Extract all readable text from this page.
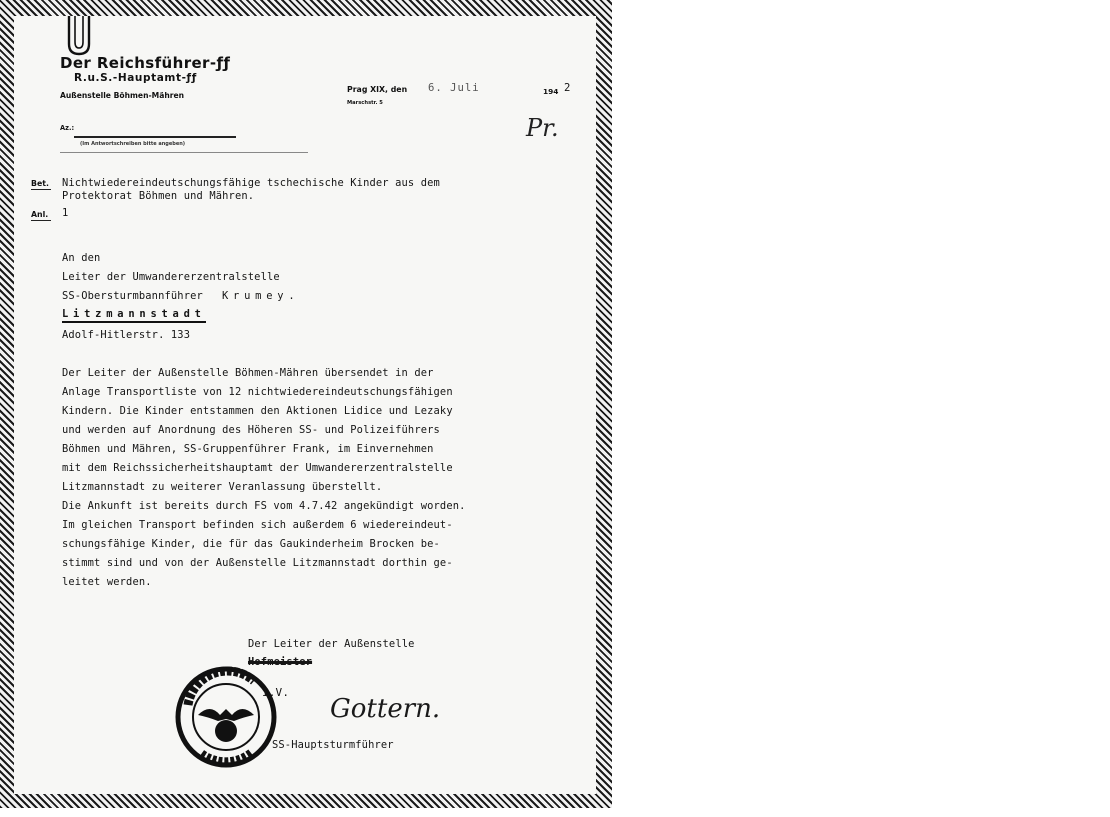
Der Reichsführer-ƒƒ
R.u.S.-Hauptamt-ƒƒ
Außenstelle Böhmen-Mähren
Prag XIX, den 6. Juli	194 2
Marschstr. 5
Pr.
Az.:
(Im Antwortschreiben bitte angeben)
Bet. Nichtwiedereindeutschungsfähige tschechische Kinder aus dem
Protektorat Böhmen und Mähren.
Anl. 1
An den
Leiter der Umwandererzentralstelle
SS-Obersturmbannführer Krumey.
Litzmannstadt
Adolf-Hitlerstr. 133
Der Leiter der Außenstelle Böhmen-Mähren übersendet in der
Anlage Transportliste von 12 nichtwiedereindeutschungsfähigen
Kindern. Die Kinder entstammen den Aktionen Lidice und Lezaky
und werden auf Anordnung des Höheren SS- und Polizeiführers
Böhmen und Mähren, SS-Gruppenführer Frank, im Einvernehmen
mit dem Reichssicherheitshauptamt der Umwandererzentralstelle
Litzmannstadt zu weiterer Veranlassung überstellt.
Die Ankunft ist bereits durch FS vom 4.7.42 angekündigt worden.
Im gleichen Transport befinden sich außerdem 6 wiedereindeut-
schungsfähige Kinder, die für das Gaukinderheim Brocken be-
stimmt sind und von der Außenstelle Litzmannstadt dorthin ge-
leitet werden.
Der Leiter der Außenstelle
Hofmeister
I.V.
Gottern.
SS-Hauptsturmführer
